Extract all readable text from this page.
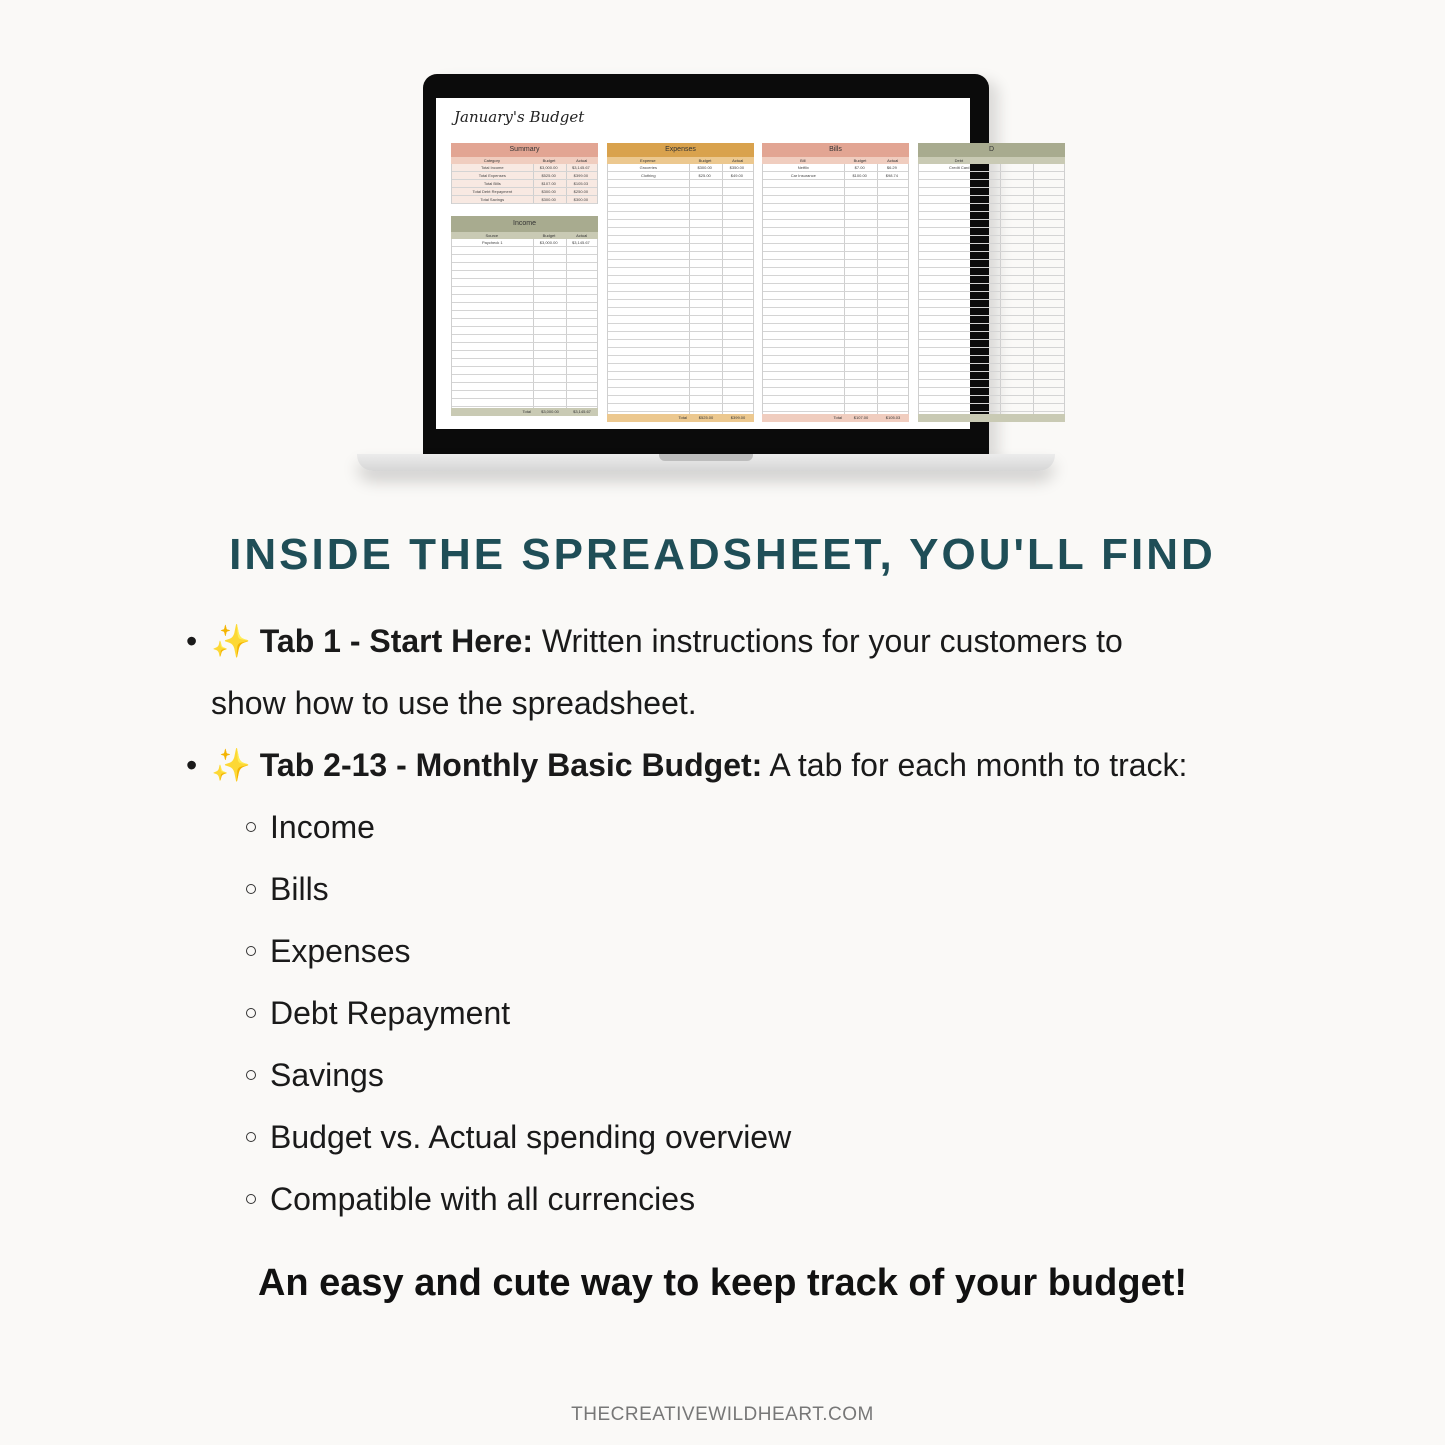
January's Budget
Summary
Category	Budget	Actual
Total Income	$3,000.00	$3,145.67
Total Expenses	$525.00	$399.00
Total Bills	$107.00	$105.03
Total Debt Repayment	$300.00	$250.00
Total Savings	$300.00	$300.00
Income
Source	Budget	Actual
Paycheck 1	$3,000.00	$3,145.67
Total	$3,000.00	$3,145.67
Expenses
Expense	Budget	Actual
Groceries	$300.00	$350.00
Clothing	$25.00	$49.00
Total	$525.00	$399.00
Bills
Bill	Budget	Actual
Netflix	$7.00	$6.29
Car Insurance	$100.00	$98.74
Total	$107.00	$105.03
D
Debt
Credit Card
INSIDE THE SPREADSHEET, YOU'LL FIND
• ✨ Tab 1 - Start Here: Written instructions for your customers to
show how to use the spreadsheet.
• ✨ Tab 2-13 - Monthly Basic Budget: A tab for each month to track:
Income
Bills
Expenses
Debt Repayment
Savings
Budget vs. Actual spending overview
Compatible with all currencies
An easy and cute way to keep track of your budget!
THECREATIVEWILDHEART.COM
